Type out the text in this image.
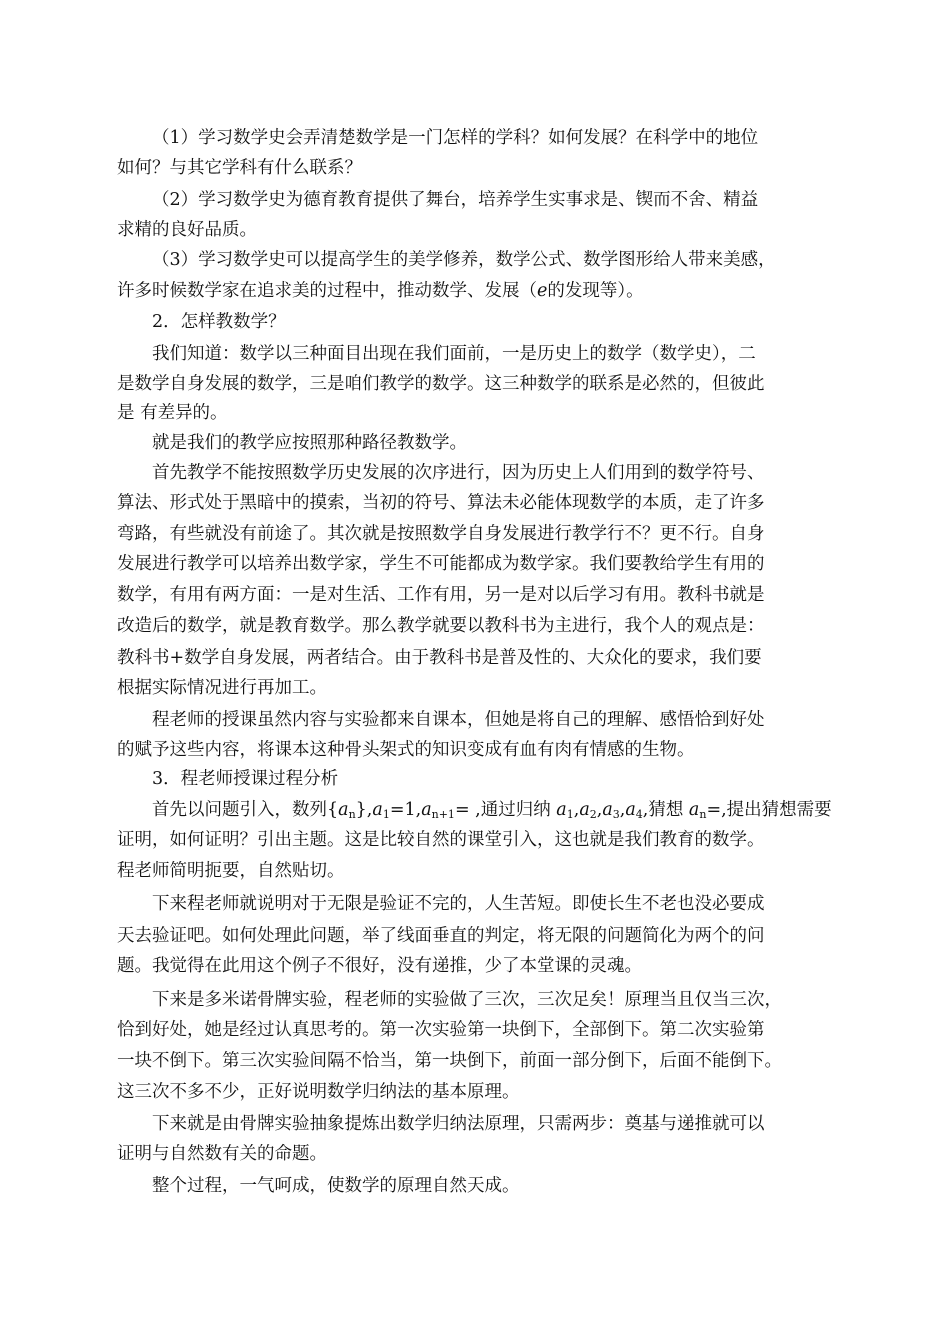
（1）学习数学史会弄清楚数学是一门怎样的学科？如何发展？在科学中的地位
如何？与其它学科有什么联系？
（2）学习数学史为德育教育提供了舞台，培养学生实事求是、锲而不舍、精益
求精的良好品质。
（3）学习数学史可以提高学生的美学修养，数学公式、数学图形给人带来美感，
许多时候数学家在追求美的过程中，推动数学、发展（e的发现等）。
2．怎样教数学？
我们知道：数学以三种面目出现在我们面前，一是历史上的数学（数学史），二
是数学自身发展的数学，三是咱们教学的数学。这三种数学的联系是必然的，但彼此
是 有差异的。
就是我们的教学应按照那种路径教数学。
首先教学不能按照数学历史发展的次序进行，因为历史上人们用到的数学符号、
算法、形式处于黑暗中的摸索，当初的符号、算法未必能体现数学的本质，走了许多
弯路，有些就没有前途了。其次就是按照数学自身发展进行教学行不？更不行。自身
发展进行教学可以培养出数学家，学生不可能都成为数学家。我们要教给学生有用的
数学，有用有两方面：一是对生活、工作有用，另一是对以后学习有用。教科书就是
改造后的数学，就是教育数学。那么教学就要以教科书为主进行，我个人的观点是：
教科书+数学自身发展，两者结合。由于教科书是普及性的、大众化的要求，我们要
根据实际情况进行再加工。
程老师的授课虽然内容与实验都来自课本，但她是将自己的理解、感悟恰到好处
的赋予这些内容，将课本这种骨头架式的知识变成有血有肉有情感的生物。
3．程老师授课过程分析
首先以问题引入，数列$\{a_n\},a_1=1,a_{n+1}=$ ,通过归纳 $a_1,a_2,a_3,a_4$,猜想 $a_n=$,提出猜想需要
证明，如何证明？引出主题。这是比较自然的课堂引入，这也就是我们教育的数学。
程老师简明扼要，自然贴切。
下来程老师就说明对于无限是验证不完的，人生苦短。即使长生不老也没必要成
天去验证吧。如何处理此问题，举了线面垂直的判定，将无限的问题简化为两个的问
题。我觉得在此用这个例子不很好，没有递推，少了本堂课的灵魂。
下来是多米诺骨牌实验，程老师的实验做了三次，三次足矣！原理当且仅当三次，
恰到好处，她是经过认真思考的。第一次实验第一块倒下，全部倒下。第二次实验第
一块不倒下。第三次实验间隔不恰当，第一块倒下，前面一部分倒下，后面不能倒下。
这三次不多不少，正好说明数学归纳法的基本原理。
下来就是由骨牌实验抽象提炼出数学归纳法原理，只需两步：奠基与递推就可以
证明与自然数有关的命题。
整个过程，一气呵成，使数学的原理自然天成。
